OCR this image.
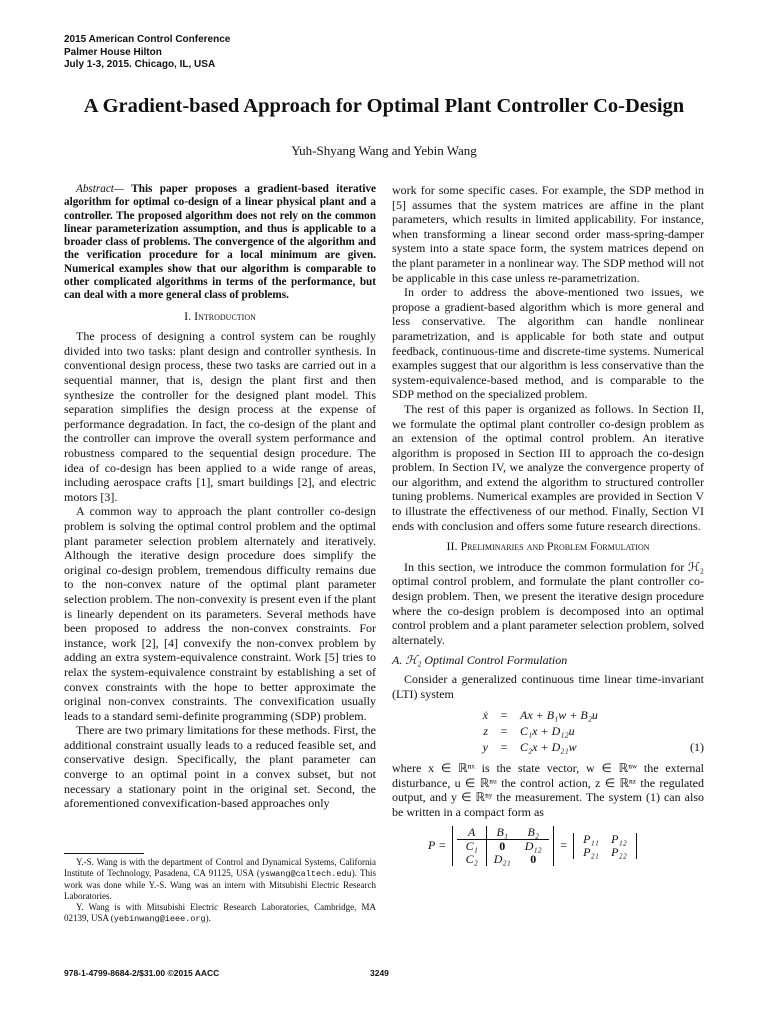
2015 American Control Conference
Palmer House Hilton
July 1-3, 2015. Chicago, IL, USA
A Gradient-based Approach for Optimal Plant Controller Co-Design
Yuh-Shyang Wang and Yebin Wang

Abstract— This paper proposes a gradient-based iterative algorithm for optimal co-design of a linear physical plant and a controller. The proposed algorithm does not rely on the common linear parameterization assumption, and thus is applicable to a broader class of problems. The convergence of the algorithm and the verification procedure for a local minimum are given. Numerical examples show that our algorithm is comparable to other complicated algorithms in terms of the performance, but can deal with a more general class of problems.

I. Introduction

The process of designing a control system can be roughly divided into two tasks: plant design and controller synthesis. In conventional design process, these two tasks are carried out in a sequential manner, that is, design the plant first and then synthesize the controller for the designed plant model. This separation simplifies the design process at the expense of performance degradation. In fact, the co-design of the plant and the controller can improve the overall system performance and robustness compared to the sequential design procedure. The idea of co-design has been applied to a wide range of areas, including aerospace crafts [1], smart buildings [2], and electric motors [3].

A common way to approach the plant controller co-design problem is solving the optimal control problem and the optimal plant parameter selection problem alternately and iteratively. Although the iterative design procedure does simplify the original co-design problem, tremendous difficulty remains due to the non-convex nature of the optimal plant parameter selection problem. The non-convexity is present even if the plant is linearly dependent on its parameters. Several methods have been proposed to address the non-convex constraints. For instance, work [2], [4] convexify the non-convex problem by adding an extra system-equivalence constraint. Work [5] tries to relax the system-equivalence constraint by establishing a set of convex constraints with the hope to better approximate the original non-convex constraints. The convexification usually leads to a standard semi-definite programming (SDP) problem.

There are two primary limitations for these methods. First, the additional constraint usually leads to a reduced feasible set, and conservative design. Specifically, the plant parameter can converge to an optimal point in a convex subset, but not necessary a stationary point in the original set. Second, the aforementioned convexification-based approaches only

Y.-S. Wang is with the department of Control and Dynamical Systems, California Institute of Technology, Pasadena, CA 91125, USA (yswang@caltech.edu). This work was done while Y.-S. Wang was an intern with Mitsubishi Electric Research Laboratories.

Y. Wang is with Mitsubishi Electric Research Laboratories, Cambridge, MA 02139, USA (yebinwang@ieee.org).

work for some specific cases. For example, the SDP method in [5] assumes that the system matrices are affine in the plant parameters, which results in limited applicability. For instance, when transforming a linear second order mass-spring-damper system into a state space form, the system matrices depend on the plant parameter in a nonlinear way. The SDP method will not be applicable in this case unless re-parametrization.

In order to address the above-mentioned two issues, we propose a gradient-based algorithm which is more general and less conservative. The algorithm can handle nonlinear parametrization, and is applicable for both state and output feedback, continuous-time and discrete-time systems. Numerical examples suggest that our algorithm is less conservative than the system-equivalence-based method, and is comparable to the SDP method on the specialized problem.

The rest of this paper is organized as follows. In Section II, we formulate the optimal plant controller co-design problem as an extension of the optimal control problem. An iterative algorithm is proposed in Section III to approach the co-design problem. In Section IV, we analyze the convergence property of our algorithm, and extend the algorithm to structured controller tuning problems. Numerical examples are provided in Section V to illustrate the effectiveness of our method. Finally, Section VI ends with conclusion and offers some future research directions.

II. Preliminaries and Problem Formulation

In this section, we introduce the common formulation for ℋ₂ optimal control problem, and formulate the plant controller co-design problem. Then, we present the iterative design procedure where the co-design problem is decomposed into an optimal control problem and a plant parameter selection problem, solved alternately.

A. ℋ₂ Optimal Control Formulation

Consider a generalized continuous time linear time-invariant (LTI) system

ẋ	=	Ax + B₁w + B₂u
z	=	C₁x + D₁₂u
y	=	C₂x + D₂₁w	(1)

where x ∈ ℝⁿˣ is the state vector, w ∈ ℝⁿʷ the external disturbance, u ∈ ℝⁿᵘ the control action, z ∈ ℝⁿᶻ the regulated output, and y ∈ ℝⁿʸ the measurement. The system (1) can also be written in a compact form as

P =
A	B₁	B₂
C₁	0	D₁₂
C₂	D₂₁	0
=	P₁₁	P₁₂
P₂₁	P₂₂
978-1-4799-8684-2/$31.00 ©2015 AACC	3249
